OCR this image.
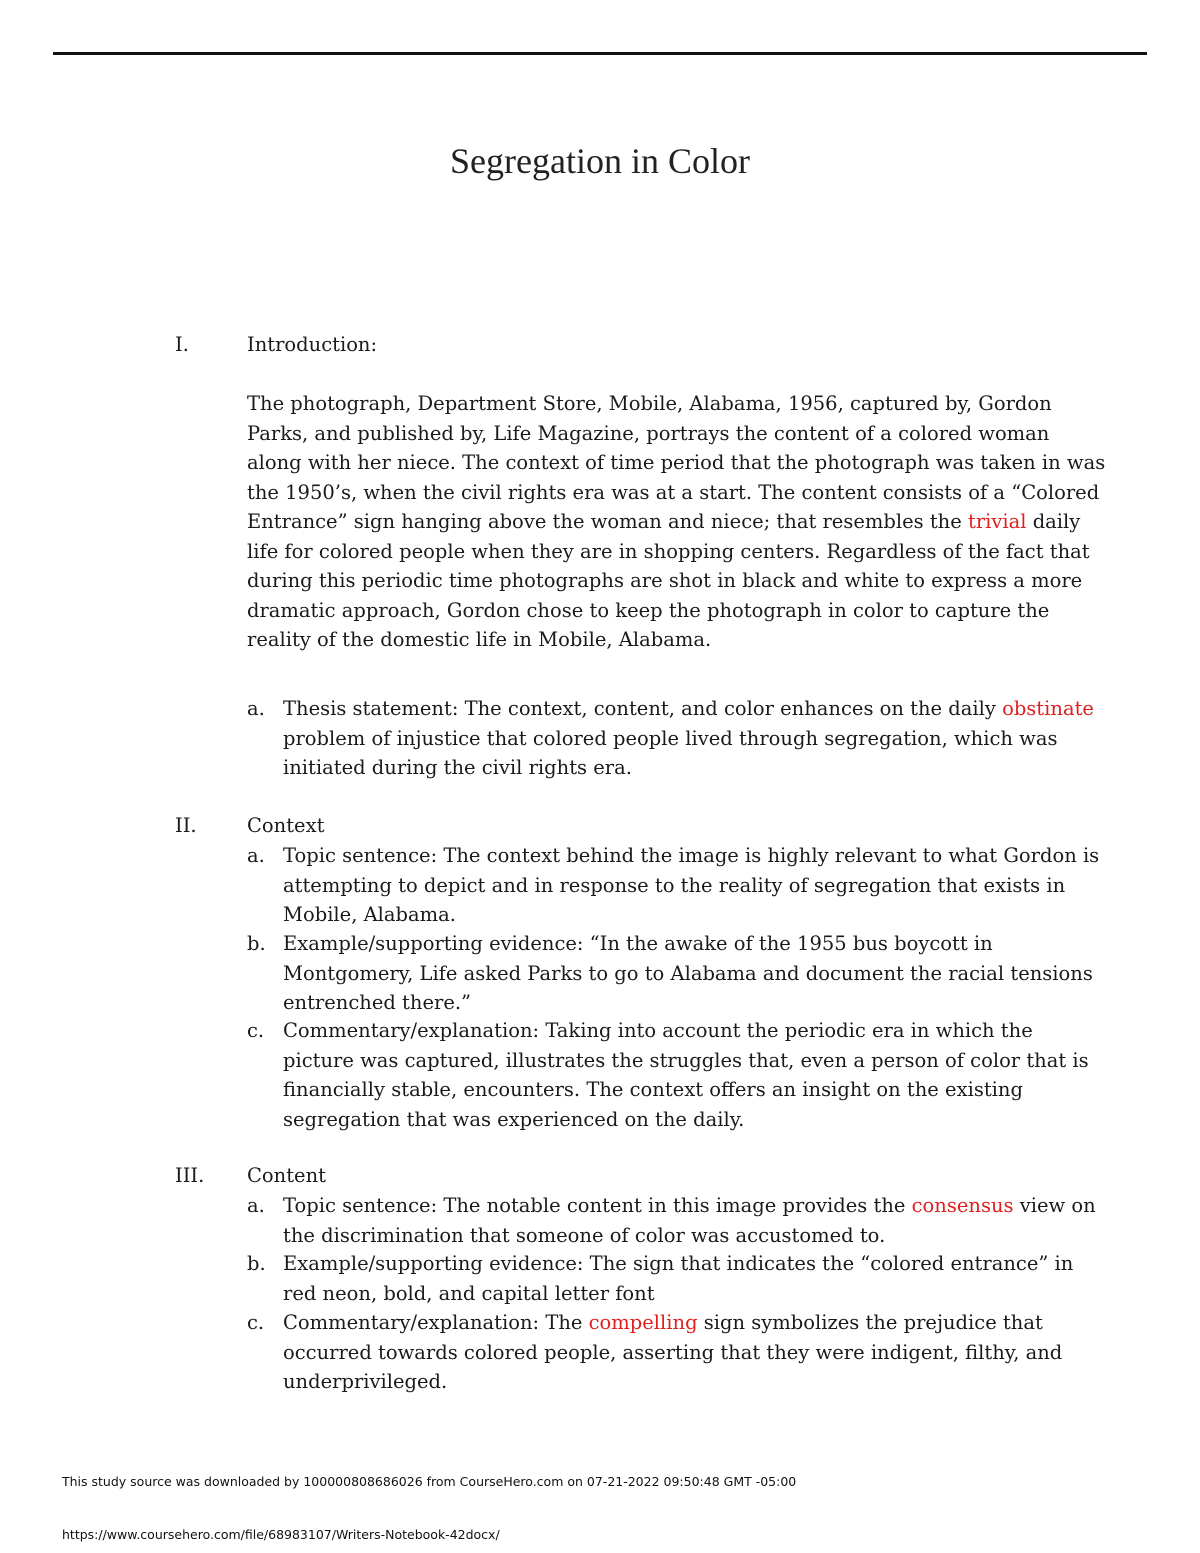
Segregation in Color
I.	Introduction:
The photograph, Department Store, Mobile, Alabama, 1956, captured by, Gordon
Parks, and published by, Life Magazine, portrays the content of a colored woman
along with her niece. The context of time period that the photograph was taken in was
the 1950’s, when the civil rights era was at a start. The content consists of a “Colored
Entrance” sign hanging above the woman and niece; that resembles the trivial daily
life for colored people when they are in shopping centers. Regardless of the fact that
during this periodic time photographs are shot in black and white to express a more
dramatic approach, Gordon chose to keep the photograph in color to capture the
reality of the domestic life in Mobile, Alabama.
a. Thesis statement: The context, content, and color enhances on the daily obstinate
problem of injustice that colored people lived through segregation, which was
initiated during the civil rights era.
II.	Context
a. Topic sentence: The context behind the image is highly relevant to what Gordon is
attempting to depict and in response to the reality of segregation that exists in
Mobile, Alabama.
b. Example/supporting evidence: “In the awake of the 1955 bus boycott in
Montgomery, Life asked Parks to go to Alabama and document the racial tensions
entrenched there.”
c. Commentary/explanation: Taking into account the periodic era in which the
picture was captured, illustrates the struggles that, even a person of color that is
financially stable, encounters. The context offers an insight on the existing
segregation that was experienced on the daily.
III. Content
a. Topic sentence: The notable content in this image provides the consensus view on
the discrimination that someone of color was accustomed to.
b. Example/supporting evidence: The sign that indicates the “colored entrance” in
red neon, bold, and capital letter font
c. Commentary/explanation: The compelling sign symbolizes the prejudice that
occurred towards colored people, asserting that they were indigent, filthy, and
underprivileged.
This study source was downloaded by 100000808686026 from CourseHero.com on 07-21-2022 09:50:48 GMT -05:00
https://www.coursehero.com/file/68983107/Writers-Notebook-42docx/
